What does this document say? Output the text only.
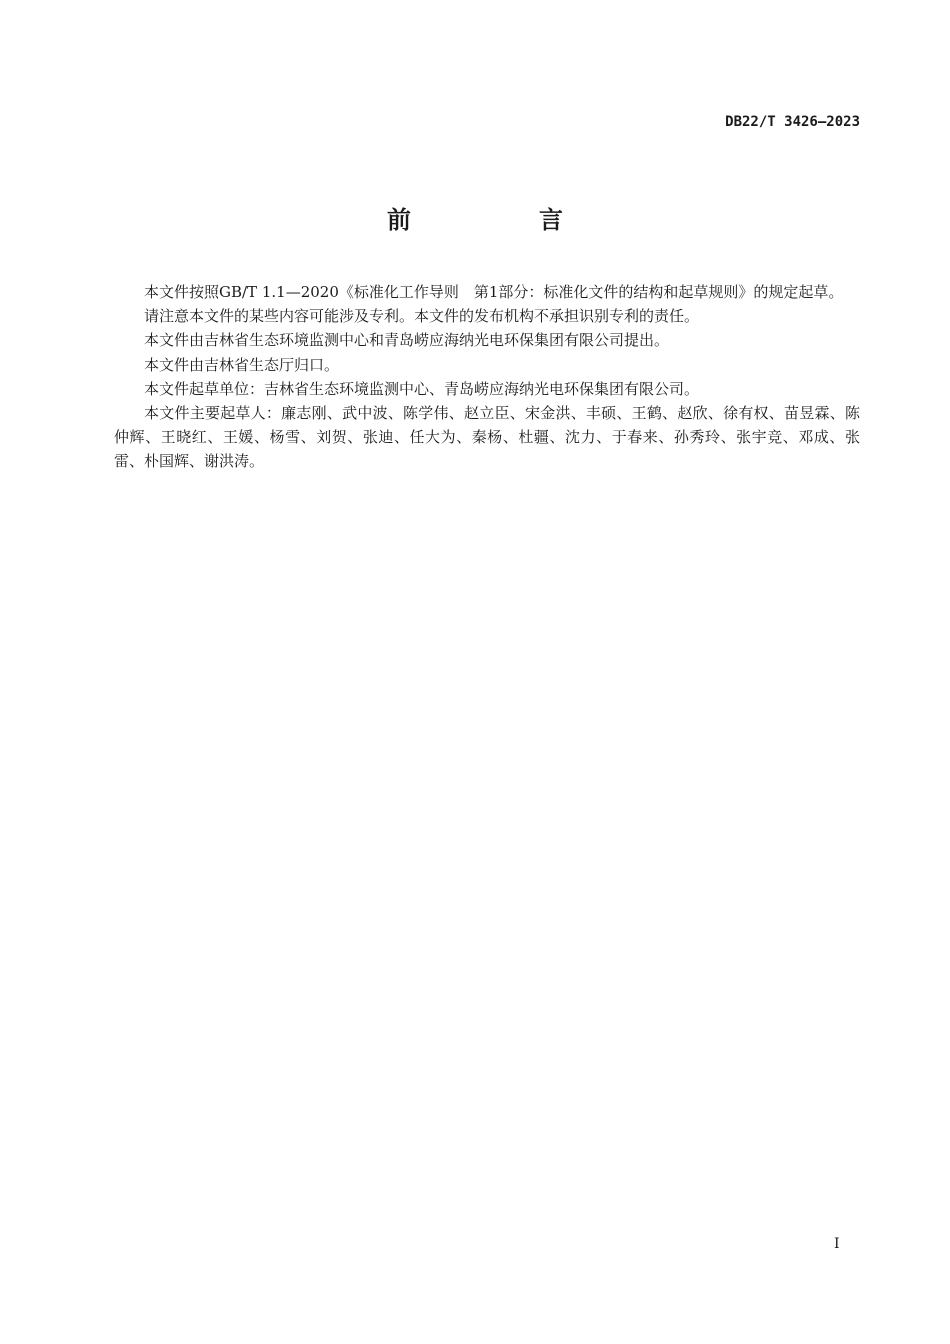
DB22/T 3426—2023
前　言

本文件按照GB/T 1.1—2020《标准化工作导则　第1部分：标准化文件的结构和起草规则》的规定起草。

请注意本文件的某些内容可能涉及专利。本文件的发布机构不承担识别专利的责任。

本文件由吉林省生态环境监测中心和青岛崂应海纳光电环保集团有限公司提出。

本文件由吉林省生态厅归口。

本文件起草单位：吉林省生态环境监测中心、青岛崂应海纳光电环保集团有限公司。

本文件主要起草人：廉志刚、武中波、陈学伟、赵立臣、宋金洪、丰硕、王鹤、赵欣、徐有权、苗昱霖、陈仲辉、王晓红、王媛、杨雪、刘贺、张迪、任大为、秦杨、杜疆、沈力、于春来、孙秀玲、张宇竞、邓成、张雷、朴国辉、谢洪涛。

I
